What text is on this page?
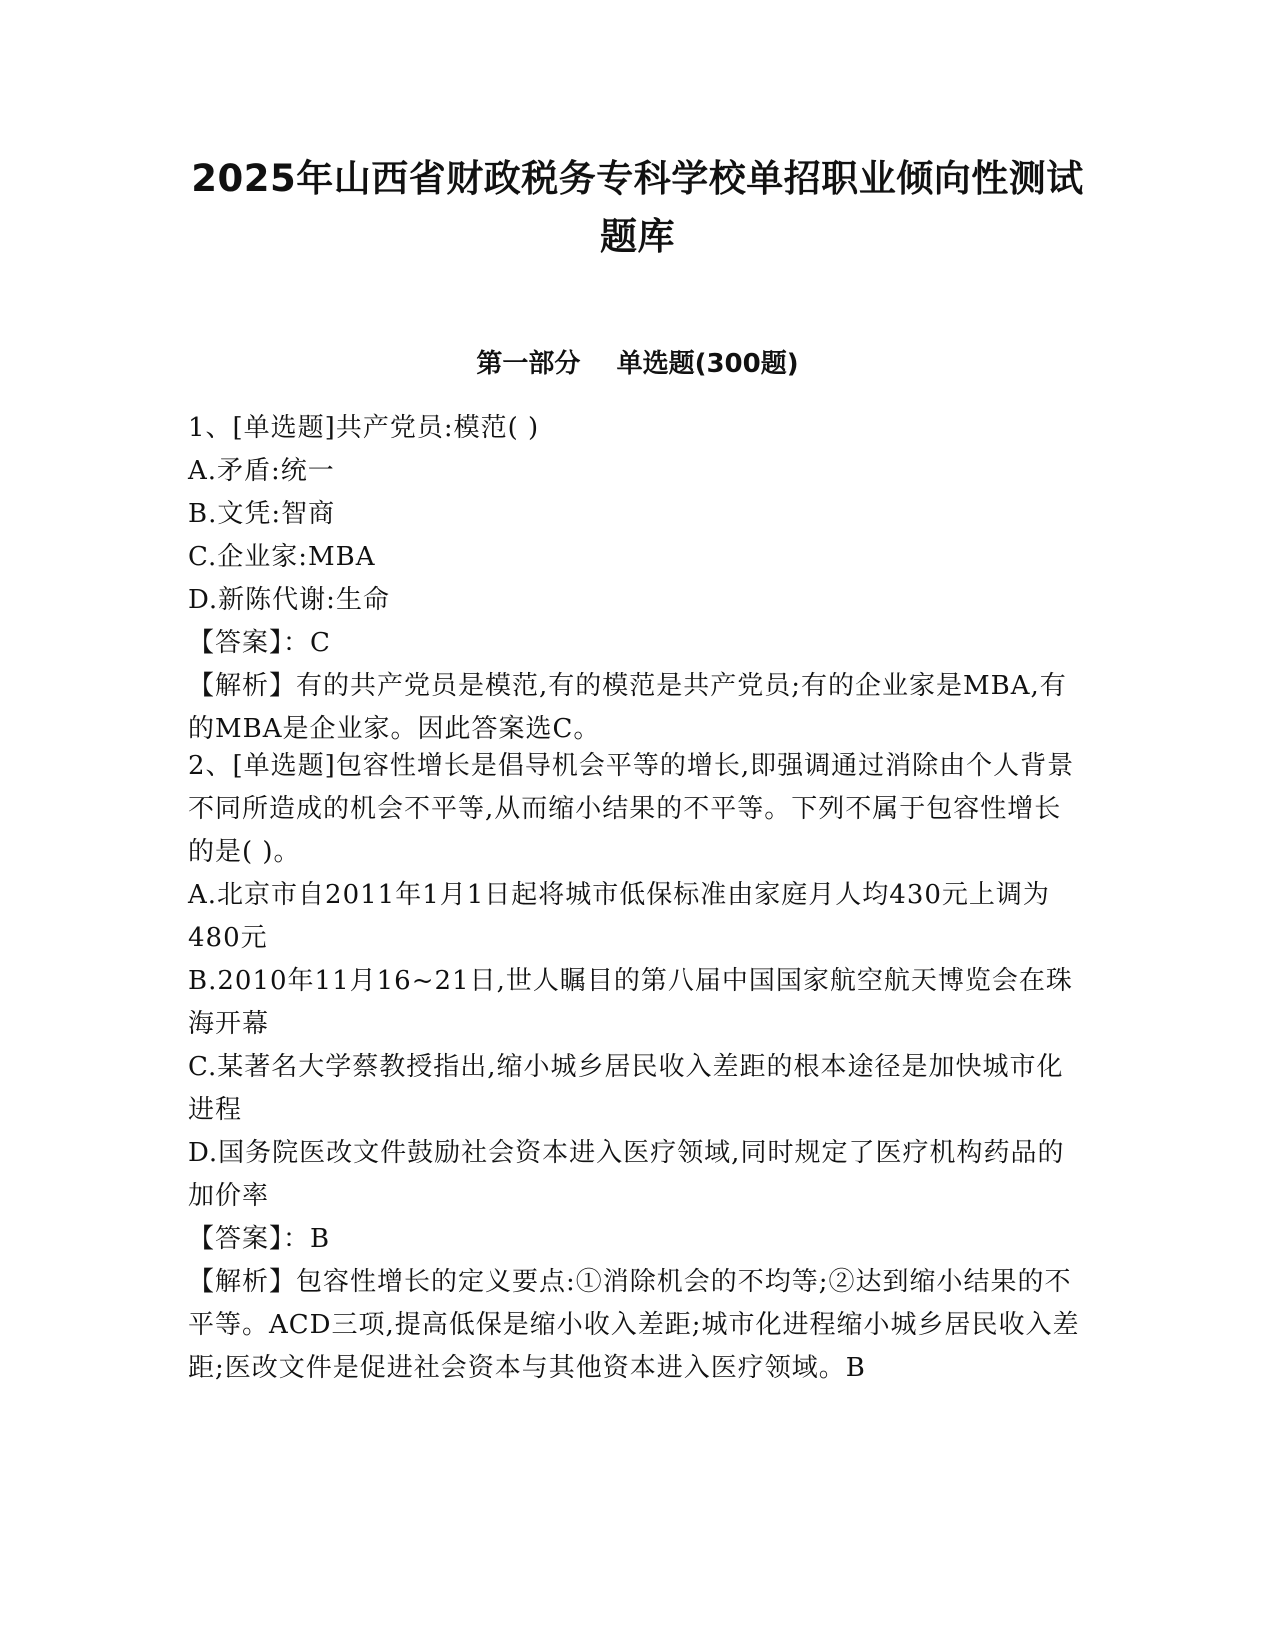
2025年山西省财政税务专科学校单招职业倾向性测试
题库
第一部分    单选题(300题)

1、[单选题]共产党员:模范( )

A.矛盾:统一

B.文凭:智商

C.企业家:MBA

D.新陈代谢:生命

【答案】：C

【解析】有的共产党员是模范,有的模范是共产党员;有的企业家是MBA,有的MBA是企业家。因此答案选C。

2、[单选题]包容性增长是倡导机会平等的增长,即强调通过消除由个人背景不同所造成的机会不平等,从而缩小结果的不平等。下列不属于包容性增长的是( )。

A.北京市自2011年1月1日起将城市低保标准由家庭月人均430元上调为480元

B.2010年11月16~21日,世人瞩目的第八届中国国家航空航天博览会在珠海开幕

C.某著名大学蔡教授指出,缩小城乡居民收入差距的根本途径是加快城市化进程

D.国务院医改文件鼓励社会资本进入医疗领域,同时规定了医疗机构药品的加价率

【答案】：B

【解析】包容性增长的定义要点:①消除机会的不均等;②达到缩小结果的不平等。ACD三项,提高低保是缩小收入差距;城市化进程缩小城乡居民收入差距;医改文件是促进社会资本与其他资本进入医疗领域。B
